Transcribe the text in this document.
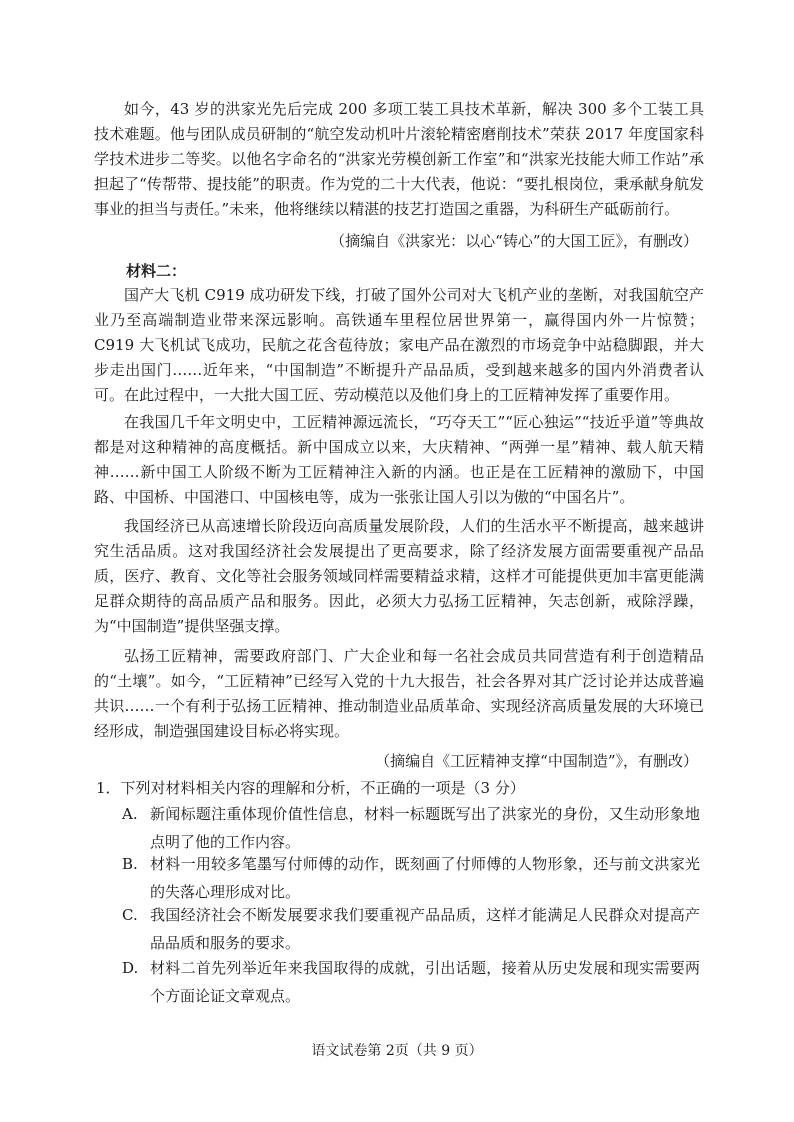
如今，43 岁的洪家光先后完成 200 多项工装工具技术革新，解决 300 多个工装工具技术难题。他与团队成员研制的“航空发动机叶片滚轮精密磨削技术”荣获 2017 年度国家科学技术进步二等奖。以他名字命名的“洪家光劳模创新工作室”和“洪家光技能大师工作站”承担起了“传帮带、提技能”的职责。作为党的二十大代表，他说：“要扎根岗位，秉承献身航发事业的担当与责任。”未来，他将继续以精湛的技艺打造国之重器，为科研生产砥砺前行。

（摘编自《洪家光：以心“铸心”的大国工匠》，有删改）

材料二：

国产大飞机 C919 成功研发下线，打破了国外公司对大飞机产业的垄断，对我国航空产业乃至高端制造业带来深远影响。高铁通车里程位居世界第一，赢得国内外一片惊赞；C919 大飞机试飞成功，民航之花含苞待放；家电产品在激烈的市场竞争中站稳脚跟，并大步走出国门……近年来，“中国制造”不断提升产品品质，受到越来越多的国内外消费者认可。在此过程中，一大批大国工匠、劳动模范以及他们身上的工匠精神发挥了重要作用。

在我国几千年文明史中，工匠精神源远流长，“巧夺天工”“匠心独运”“技近乎道”等典故都是对这种精神的高度概括。新中国成立以来，大庆精神、“两弹一星”精神、载人航天精神……新中国工人阶级不断为工匠精神注入新的内涵。也正是在工匠精神的激励下，中国路、中国桥、中国港口、中国核电等，成为一张张让国人引以为傲的“中国名片”。

我国经济已从高速增长阶段迈向高质量发展阶段，人们的生活水平不断提高，越来越讲究生活品质。这对我国经济社会发展提出了更高要求，除了经济发展方面需要重视产品品质，医疗、教育、文化等社会服务领域同样需要精益求精，这样才可能提供更加丰富更能满足群众期待的高品质产品和服务。因此，必须大力弘扬工匠精神，矢志创新，戒除浮躁，为“中国制造”提供坚强支撑。

弘扬工匠精神，需要政府部门、广大企业和每一名社会成员共同营造有利于创造精品的“土壤”。如今，“工匠精神”已经写入党的十九大报告，社会各界对其广泛讨论并达成普遍共识……一个有利于弘扬工匠精神、推动制造业品质革命、实现经济高质量发展的大环境已经形成，制造强国建设目标必将实现。

（摘编自《工匠精神支撑“中国制造”》，有删改）

1．下列对材料相关内容的理解和分析，不正确的一项是（3 分）

A. 新闻标题注重体现价值性信息，材料一标题既写出了洪家光的身份，又生动形象地点明了他的工作内容。
B. 材料一用较多笔墨写付师傅的动作，既刻画了付师傅的人物形象，还与前文洪家光的失落心理形成对比。
C. 我国经济社会不断发展要求我们要重视产品品质，这样才能满足人民群众对提高产品品质和服务的要求。
D. 材料二首先列举近年来我国取得的成就，引出话题，接着从历史发展和现实需要两个方面论证文章观点。

语文试卷第 2页（共 9 页）
